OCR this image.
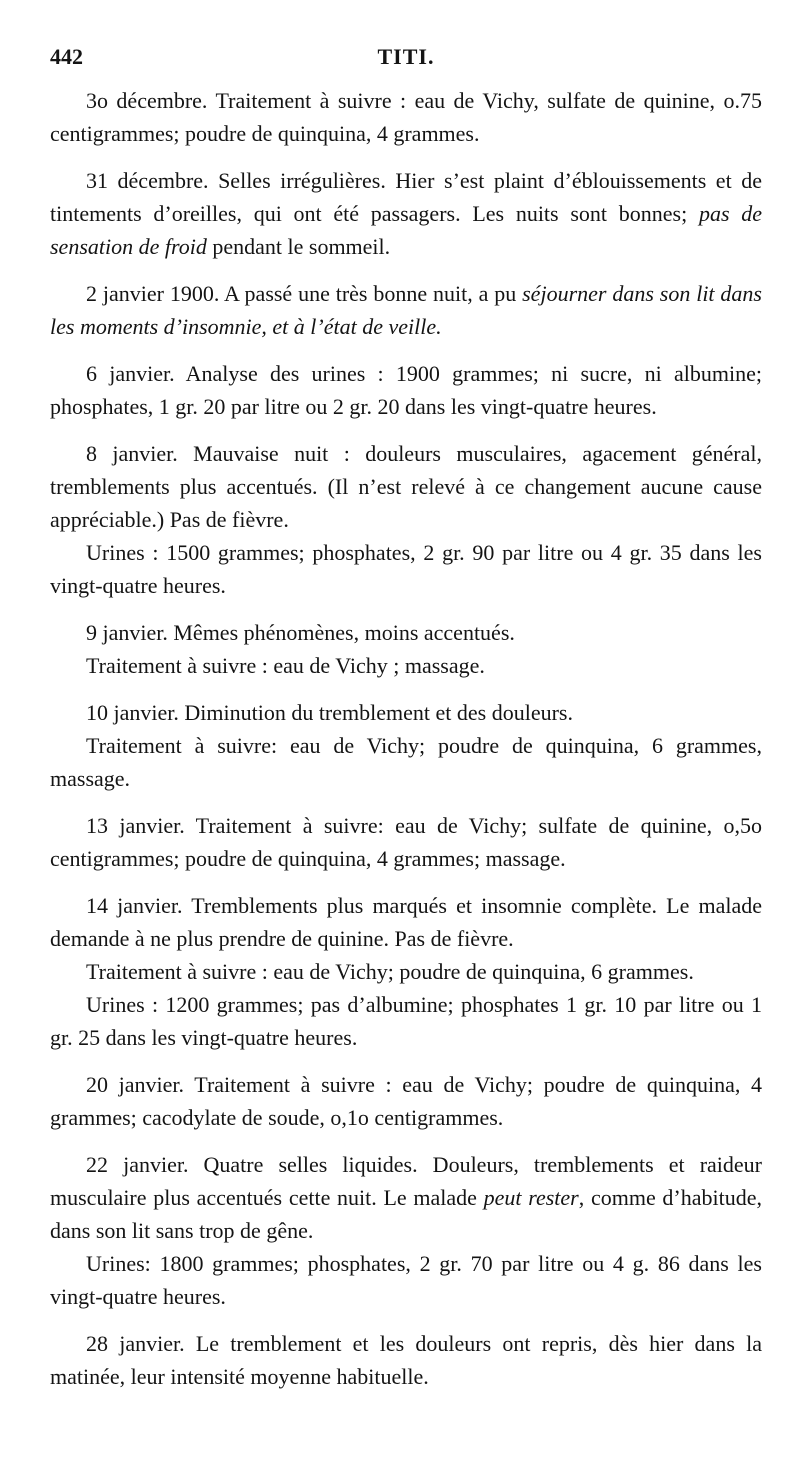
442	TITI.

3o décembre. Traitement à suivre : eau de Vichy, sulfate de quinine, o.75 centigrammes; poudre de quinquina, 4 grammes.

31 décembre. Selles irrégulières. Hier s’est plaint d’éblouissements et de tintements d’oreilles, qui ont été passagers. Les nuits sont bonnes; pas de sensation de froid pendant le sommeil.

2 janvier 1900. A passé une très bonne nuit, a pu séjourner dans son lit dans les moments d’insomnie, et à l’état de veille.

6 janvier. Analyse des urines : 1900 grammes; ni sucre, ni albumine; phosphates, 1 gr. 20 par litre ou 2 gr. 20 dans les vingt-quatre heures.

8 janvier. Mauvaise nuit : douleurs musculaires, agacement général, tremblements plus accentués. (Il n’est relevé à ce changement aucune cause appréciable.) Pas de fièvre.

Urines : 1500 grammes; phosphates, 2 gr. 90 par litre ou 4 gr. 35 dans les vingt-quatre heures.

9 janvier. Mêmes phénomènes, moins accentués.

Traitement à suivre : eau de Vichy ; massage.

10 janvier. Diminution du tremblement et des douleurs.

Traitement à suivre: eau de Vichy; poudre de quinquina, 6 grammes, massage.

13 janvier. Traitement à suivre: eau de Vichy; sulfate de quinine, o,5o centigrammes; poudre de quinquina, 4 grammes; massage.

14 janvier. Tremblements plus marqués et insomnie complète. Le malade demande à ne plus prendre de quinine. Pas de fièvre.

Traitement à suivre : eau de Vichy; poudre de quinquina, 6 grammes.

Urines : 1200 grammes; pas d’albumine; phosphates 1 gr. 10 par litre ou 1 gr. 25 dans les vingt-quatre heures.

20 janvier. Traitement à suivre : eau de Vichy; poudre de quinquina, 4 grammes; cacodylate de soude, o,1o centigrammes.

22 janvier. Quatre selles liquides. Douleurs, tremblements et raideur musculaire plus accentués cette nuit. Le malade peut rester, comme d’habitude, dans son lit sans trop de gêne.

Urines: 1800 grammes; phosphates, 2 gr. 70 par litre ou 4 g. 86 dans les vingt-quatre heures.

28 janvier. Le tremblement et les douleurs ont repris, dès hier dans la matinée, leur intensité moyenne habituelle.
